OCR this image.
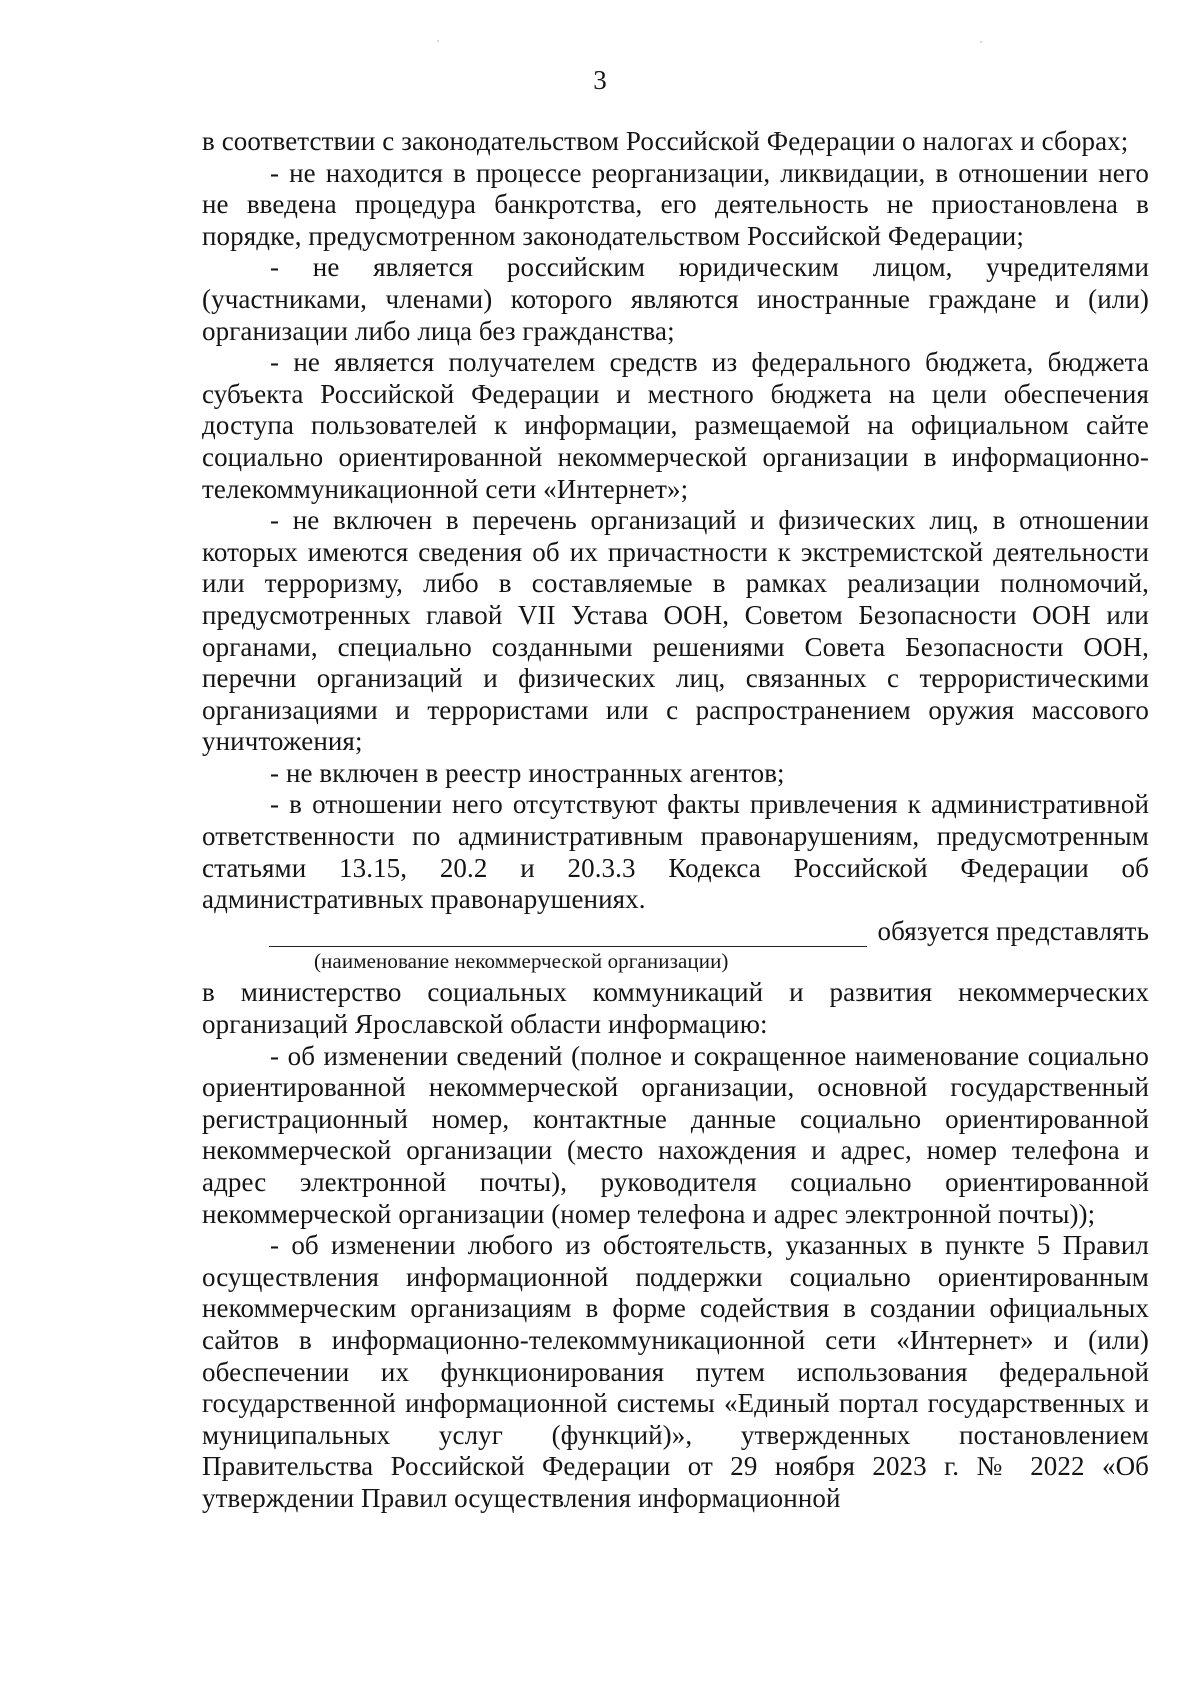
3

в соответствии с законодательством Российской Федерации о налогах и сборах;

- не находится в процессе реорганизации, ликвидации, в отношении него не введена процедура банкротства, его деятельность не приостановлена в порядке, предусмотренном законодательством Российской Федерации;

- не является российским юридическим лицом, учредителями (участниками, членами) которого являются иностранные граждане и (или) организации либо лица без гражданства;

- не является получателем средств из федерального бюджета, бюджета субъекта Российской Федерации и местного бюджета на цели обеспечения доступа пользователей к информации, размещаемой на официальном сайте социально ориентированной некоммерческой организации в информационно-телекоммуникационной сети «Интернет»;

- не включен в перечень организаций и физических лиц, в отношении которых имеются сведения об их причастности к экстремистской деятельности или терроризму, либо в составляемые в рамках реализации полномочий, предусмотренных главой VII Устава ООН, Советом Безопасности ООН или органами, специально созданными решениями Совета Безопасности ООН, перечни организаций и физических лиц, связанных с террористическими организациями и террористами или с распространением оружия массового уничтожения;

- не включен в реестр иностранных агентов;

- в отношении него отсутствуют факты привлечения к административной ответственности по административным правонарушениям, предусмотренным статьями 13.15, 20.2 и 20.3.3 Кодекса Российской Федерации об административных правонарушениях.

обязуется представлять
(наименование некоммерческой организации)

в министерство социальных коммуникаций и развития некоммерческих организаций Ярославской области информацию:

- об изменении сведений (полное и сокращенное наименование социально ориентированной некоммерческой организации, основной государственный регистрационный номер, контактные данные социально ориентированной некоммерческой организации (место нахождения и адрес, номер телефона и адрес электронной почты), руководителя социально ориентированной некоммерческой организации (номер телефона и адрес электронной почты));

- об изменении любого из обстоятельств, указанных в пункте 5 Правил осуществления информационной поддержки социально ориентированным некоммерческим организациям в форме содействия в создании официальных сайтов в информационно-телекоммуникационной сети «Интернет» и (или) обеспечении их функционирования путем использования федеральной государственной информационной системы «Единый портал государственных и муниципальных услуг (функций)», утвержденных постановлением Правительства Российской Федерации от 29 ноября 2023 г. № 2022 «Об утверждении Правил осуществления информационной
